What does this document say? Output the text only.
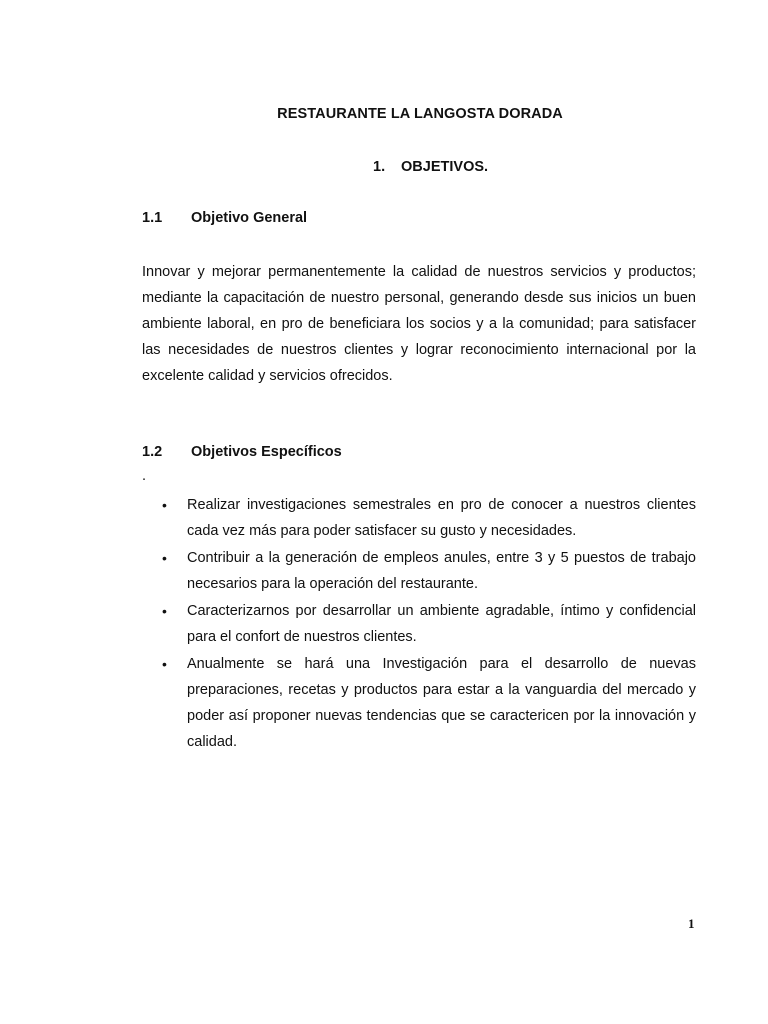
RESTAURANTE LA LANGOSTA DORADA
1. OBJETIVOS.
1.1 Objetivo General

Innovar y mejorar permanentemente la calidad de nuestros servicios y productos; mediante la capacitación de nuestro personal, generando desde sus inicios un buen ambiente laboral, en pro de beneficiara los socios y a la comunidad; para satisfacer las necesidades de nuestros clientes y lograr reconocimiento internacional por la excelente calidad y servicios ofrecidos.

1.2 Objetivos Específicos
.
• Realizar investigaciones semestrales en pro de conocer a nuestros clientes cada vez más para poder satisfacer su gusto y necesidades.
• Contribuir a la generación de empleos anules, entre 3 y 5 puestos de trabajo necesarios para la operación del restaurante.
• Caracterizarnos por desarrollar un ambiente agradable, íntimo y confidencial para el confort de nuestros clientes.
• Anualmente se hará una Investigación para el desarrollo de nuevas preparaciones, recetas y productos para estar a la vanguardia del mercado y poder así proponer nuevas tendencias que se caractericen por la innovación y calidad.
1
